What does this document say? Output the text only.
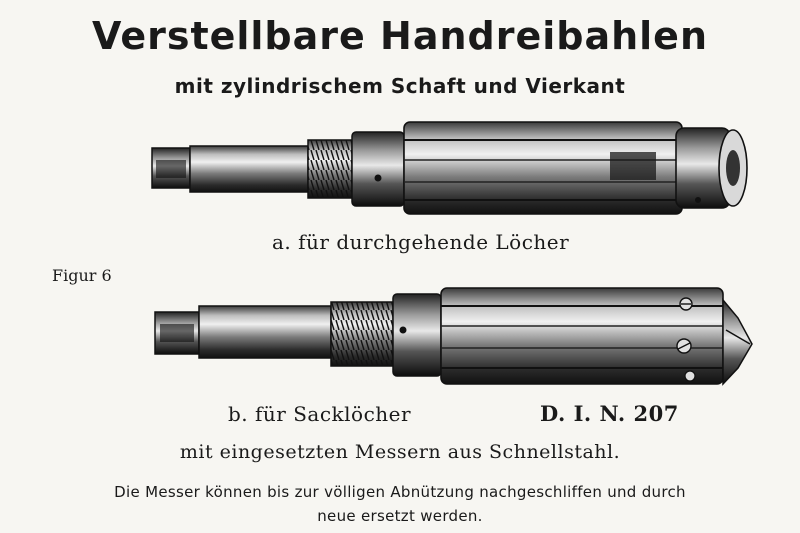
Verstellbare Handreibahlen
mit zylindrischem Schaft und Vierkant
a. für durchgehende Löcher
Figur 6
b. für Sacklöcher	D. I. N. 207
mit eingesetzten Messern aus Schnellstahl.
Die Messer können bis zur völligen Abnützung nachgeschliffen und durch
neue ersetzt werden.
